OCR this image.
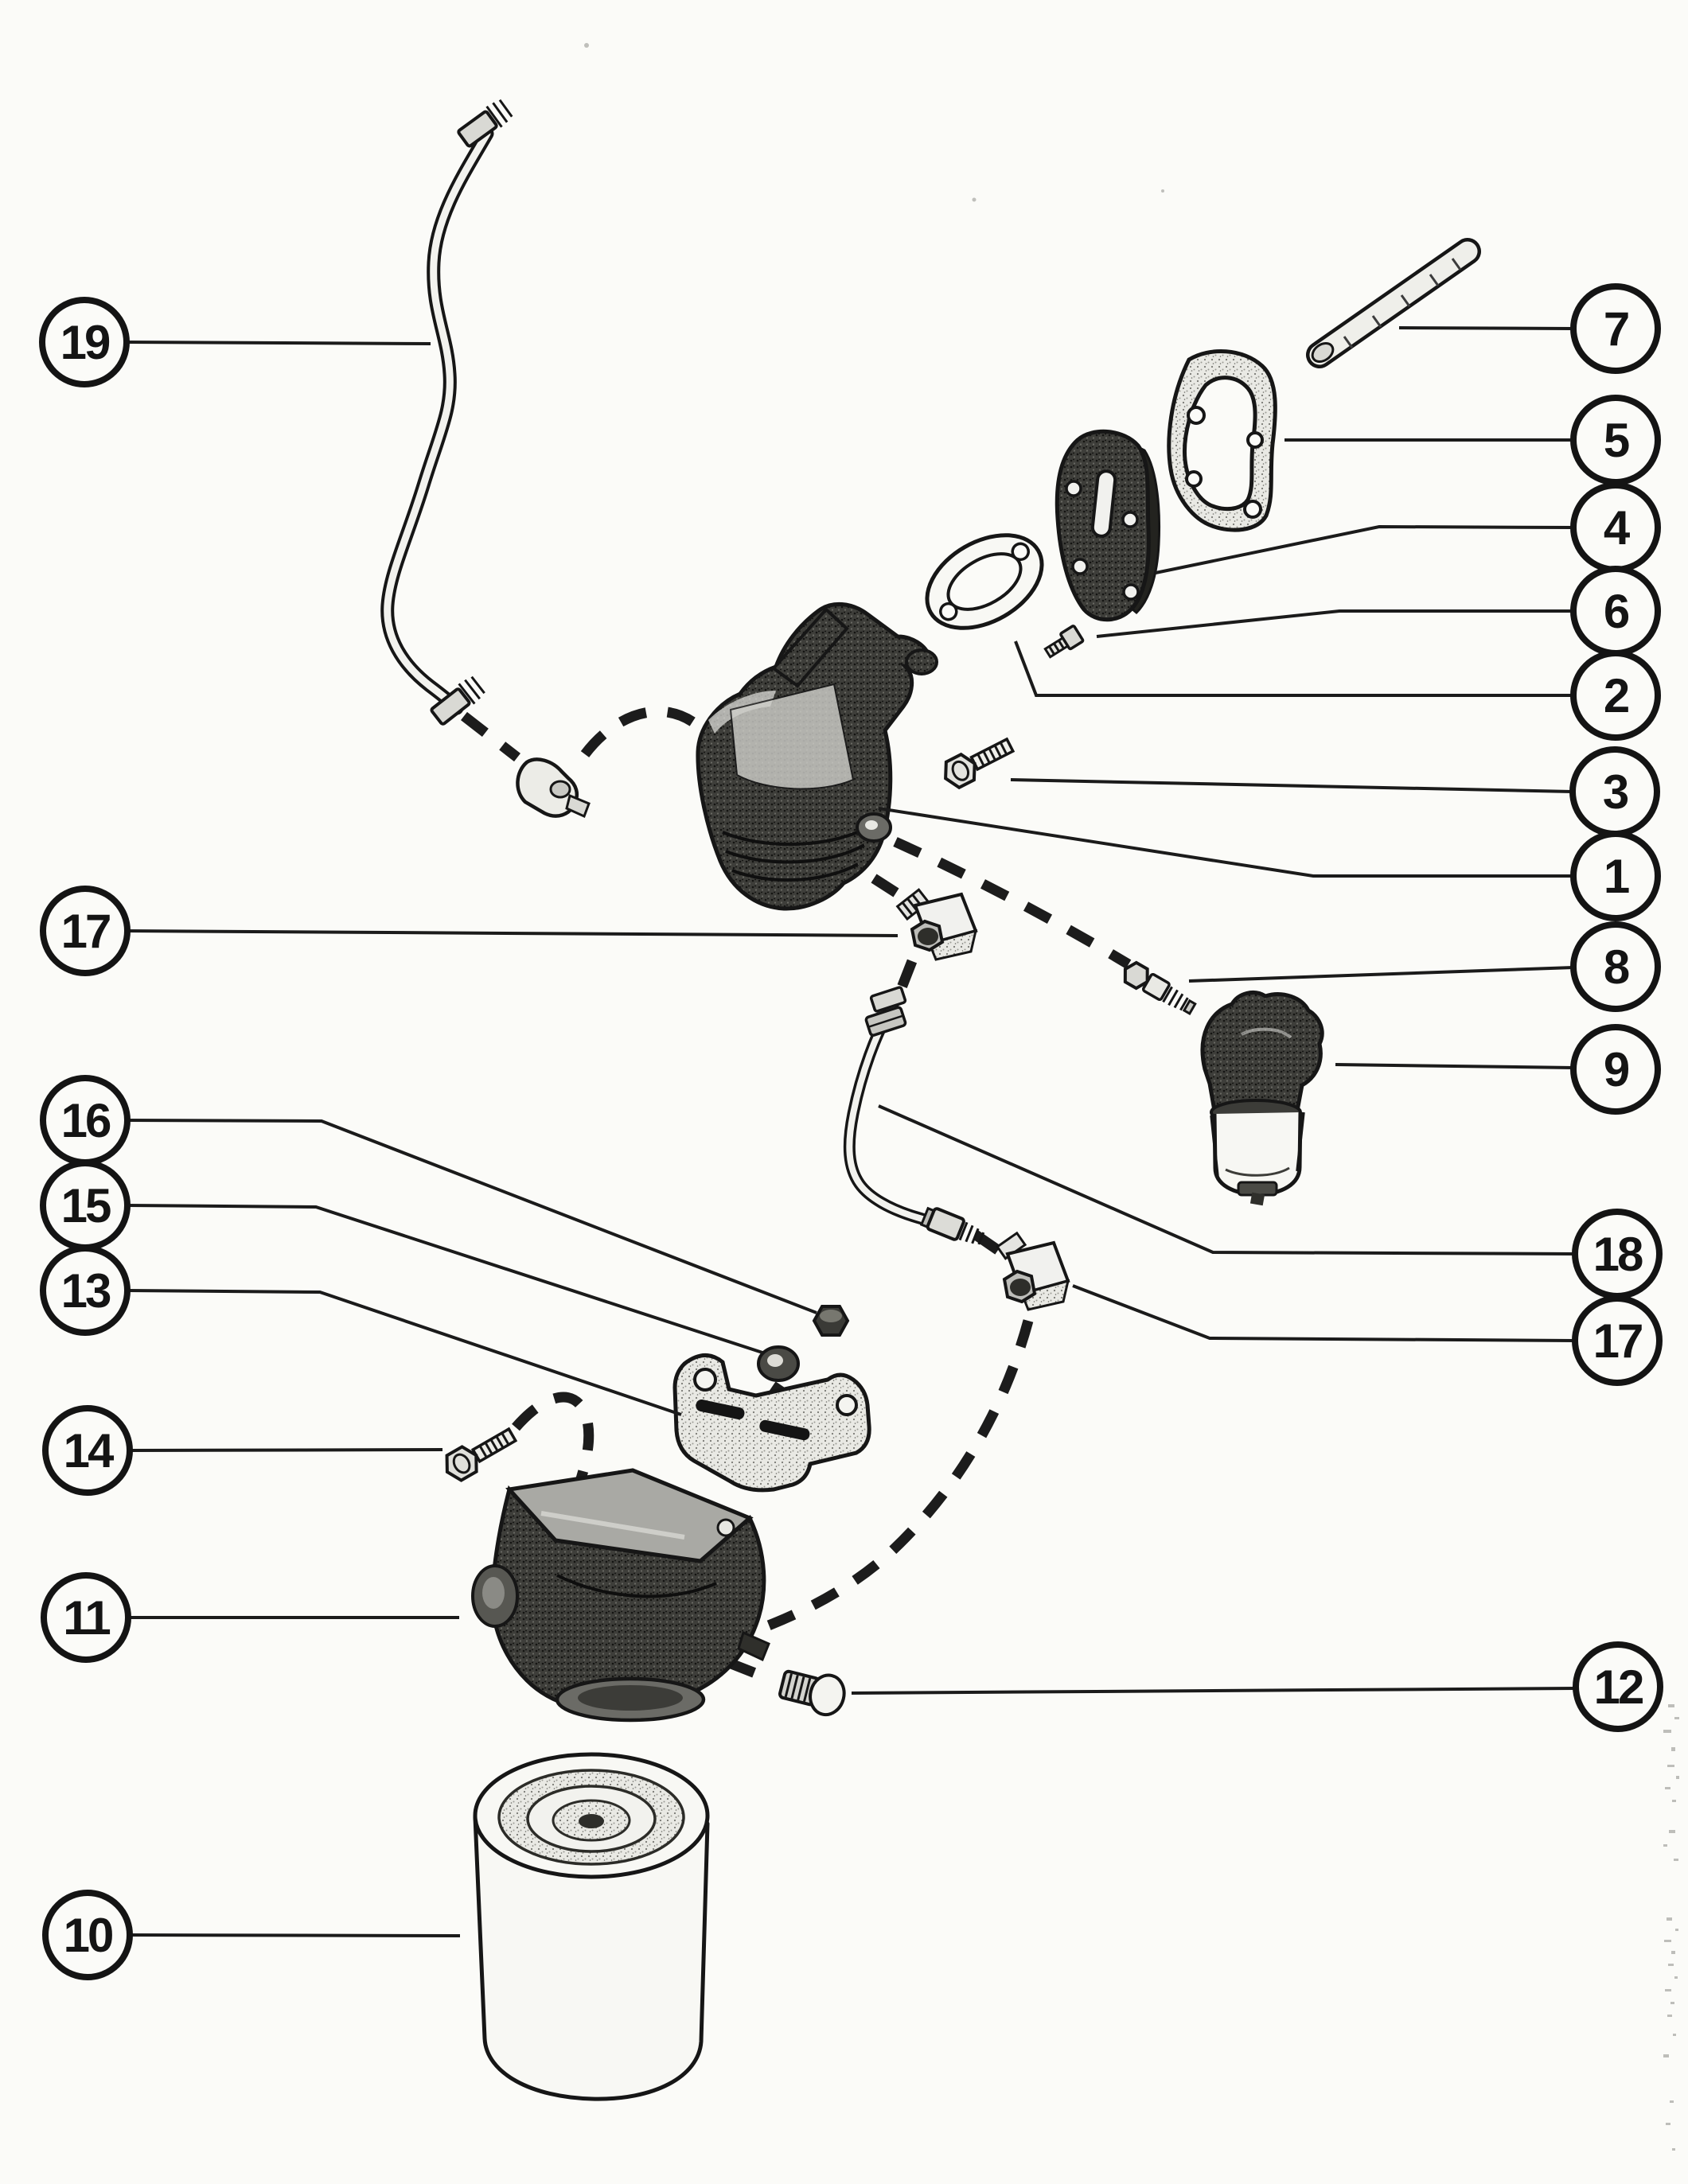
19
17
16
15
13
14
11
10
7
5
4
6
2
3
1
8
9
18
17
12
